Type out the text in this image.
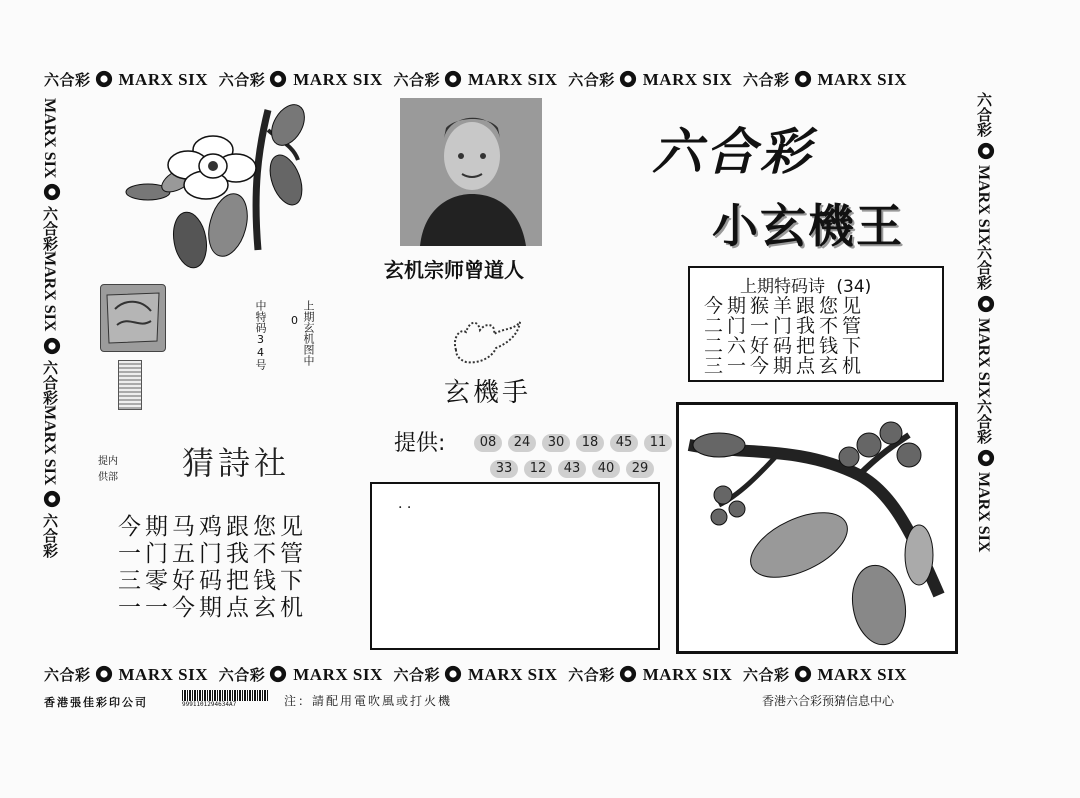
六合彩 MARX SIX 六合彩 MARX SIX 六合彩 MARX SIX 六合彩 MARX SIX 六合彩 MARX SIX
六合彩 MARX SIX 六合彩 MARX SIX 六合彩 MARX SIX 六合彩 MARX SIX 六合彩 MARX SIX
MARX SIX
六合彩
MARX SIX
六合彩
MARX SIX
六合彩
六合彩
MARX SIX
六合彩
MARX SIX
六合彩
MARX SIX
玄机宗师曾道人
六合彩
小玄機王
上期特码诗 (34)
今期猴羊跟您见
二门一门我不管
二六好码把钱下
三一今期点玄机
上期玄机图中
0
中特码34号
提内
供部 猜詩社
玄機手
提供:	08 24 30 18 45 11
33 12 43 40 29
今期马鸡跟您见
一门五门我不管
三零好码把钱下
一一今期点玄机
. .
香港張佳彩印公司	9991101294634A7	注：請配用電吹風或打火機	香港六合彩预猜信息中心
